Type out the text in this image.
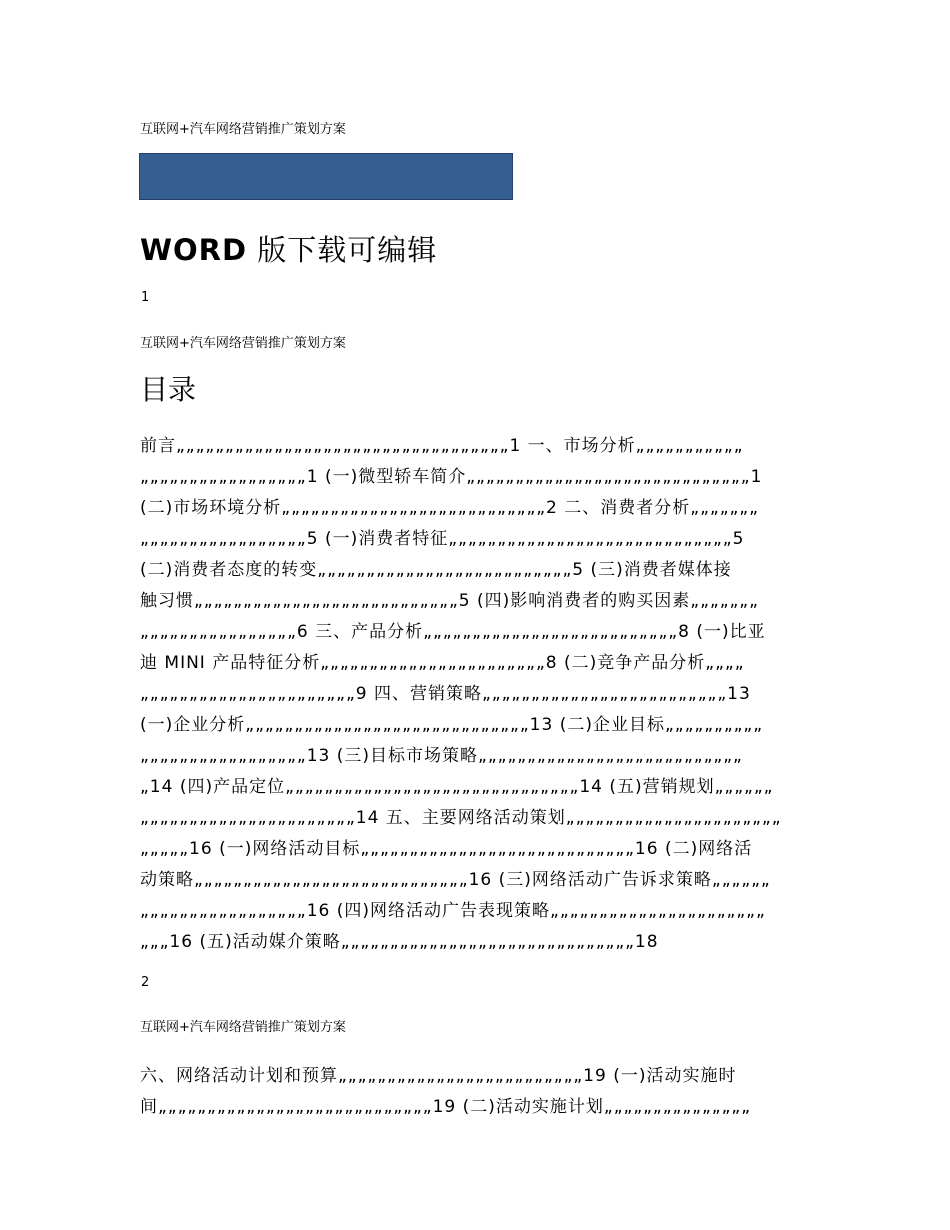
互联网+汽车网络营销推广策划方案
WORD 版下载可编辑
1
互联网+汽车网络营销推广策划方案
目录
前言„„„„„„„„„„„„„„„„„„„„„„„„„„„„„„„„„„1 一、市场分析„„„„„„„„„„„
„„„„„„„„„„„„„„„„„1 (一)微型轿车简介„„„„„„„„„„„„„„„„„„„„„„„„„„„„„1
(二)市场环境分析„„„„„„„„„„„„„„„„„„„„„„„„„„„2 二、消费者分析„„„„„„„
„„„„„„„„„„„„„„„„„5 (一)消费者特征„„„„„„„„„„„„„„„„„„„„„„„„„„„„„5
(二)消费者态度的转变„„„„„„„„„„„„„„„„„„„„„„„„„„5 (三)消费者媒体接
触习惯„„„„„„„„„„„„„„„„„„„„„„„„„„„5 (四)影响消费者的购买因素„„„„„„„
„„„„„„„„„„„„„„„„6 三、产品分析„„„„„„„„„„„„„„„„„„„„„„„„„„8 (一)比亚
迪 MINI 产品特征分析„„„„„„„„„„„„„„„„„„„„„„„8 (二)竞争产品分析„„„„
„„„„„„„„„„„„„„„„„„„„„„9 四、营销策略„„„„„„„„„„„„„„„„„„„„„„„„„13
(一)企业分析„„„„„„„„„„„„„„„„„„„„„„„„„„„„„13 (二)企业目标„„„„„„„„„„
„„„„„„„„„„„„„„„„„13 (三)目标市场策略„„„„„„„„„„„„„„„„„„„„„„„„„„„
„14 (四)产品定位„„„„„„„„„„„„„„„„„„„„„„„„„„„„„„14 (五)营销规划„„„„„„
„„„„„„„„„„„„„„„„„„„„„„14 五、主要网络活动策划„„„„„„„„„„„„„„„„„„„„„„
„„„„„16 (一)网络活动目标„„„„„„„„„„„„„„„„„„„„„„„„„„„„16 (二)网络活
动策略„„„„„„„„„„„„„„„„„„„„„„„„„„„„16 (三)网络活动广告诉求策略„„„„„„
„„„„„„„„„„„„„„„„„16 (四)网络活动广告表现策略„„„„„„„„„„„„„„„„„„„„„„
„„„16 (五)活动媒介策略„„„„„„„„„„„„„„„„„„„„„„„„„„„„„„18
2
互联网+汽车网络营销推广策划方案
六、网络活动计划和预算„„„„„„„„„„„„„„„„„„„„„„„„„19 (一)活动实施时
间„„„„„„„„„„„„„„„„„„„„„„„„„„„„19 (二)活动实施计划„„„„„„„„„„„„„„„
